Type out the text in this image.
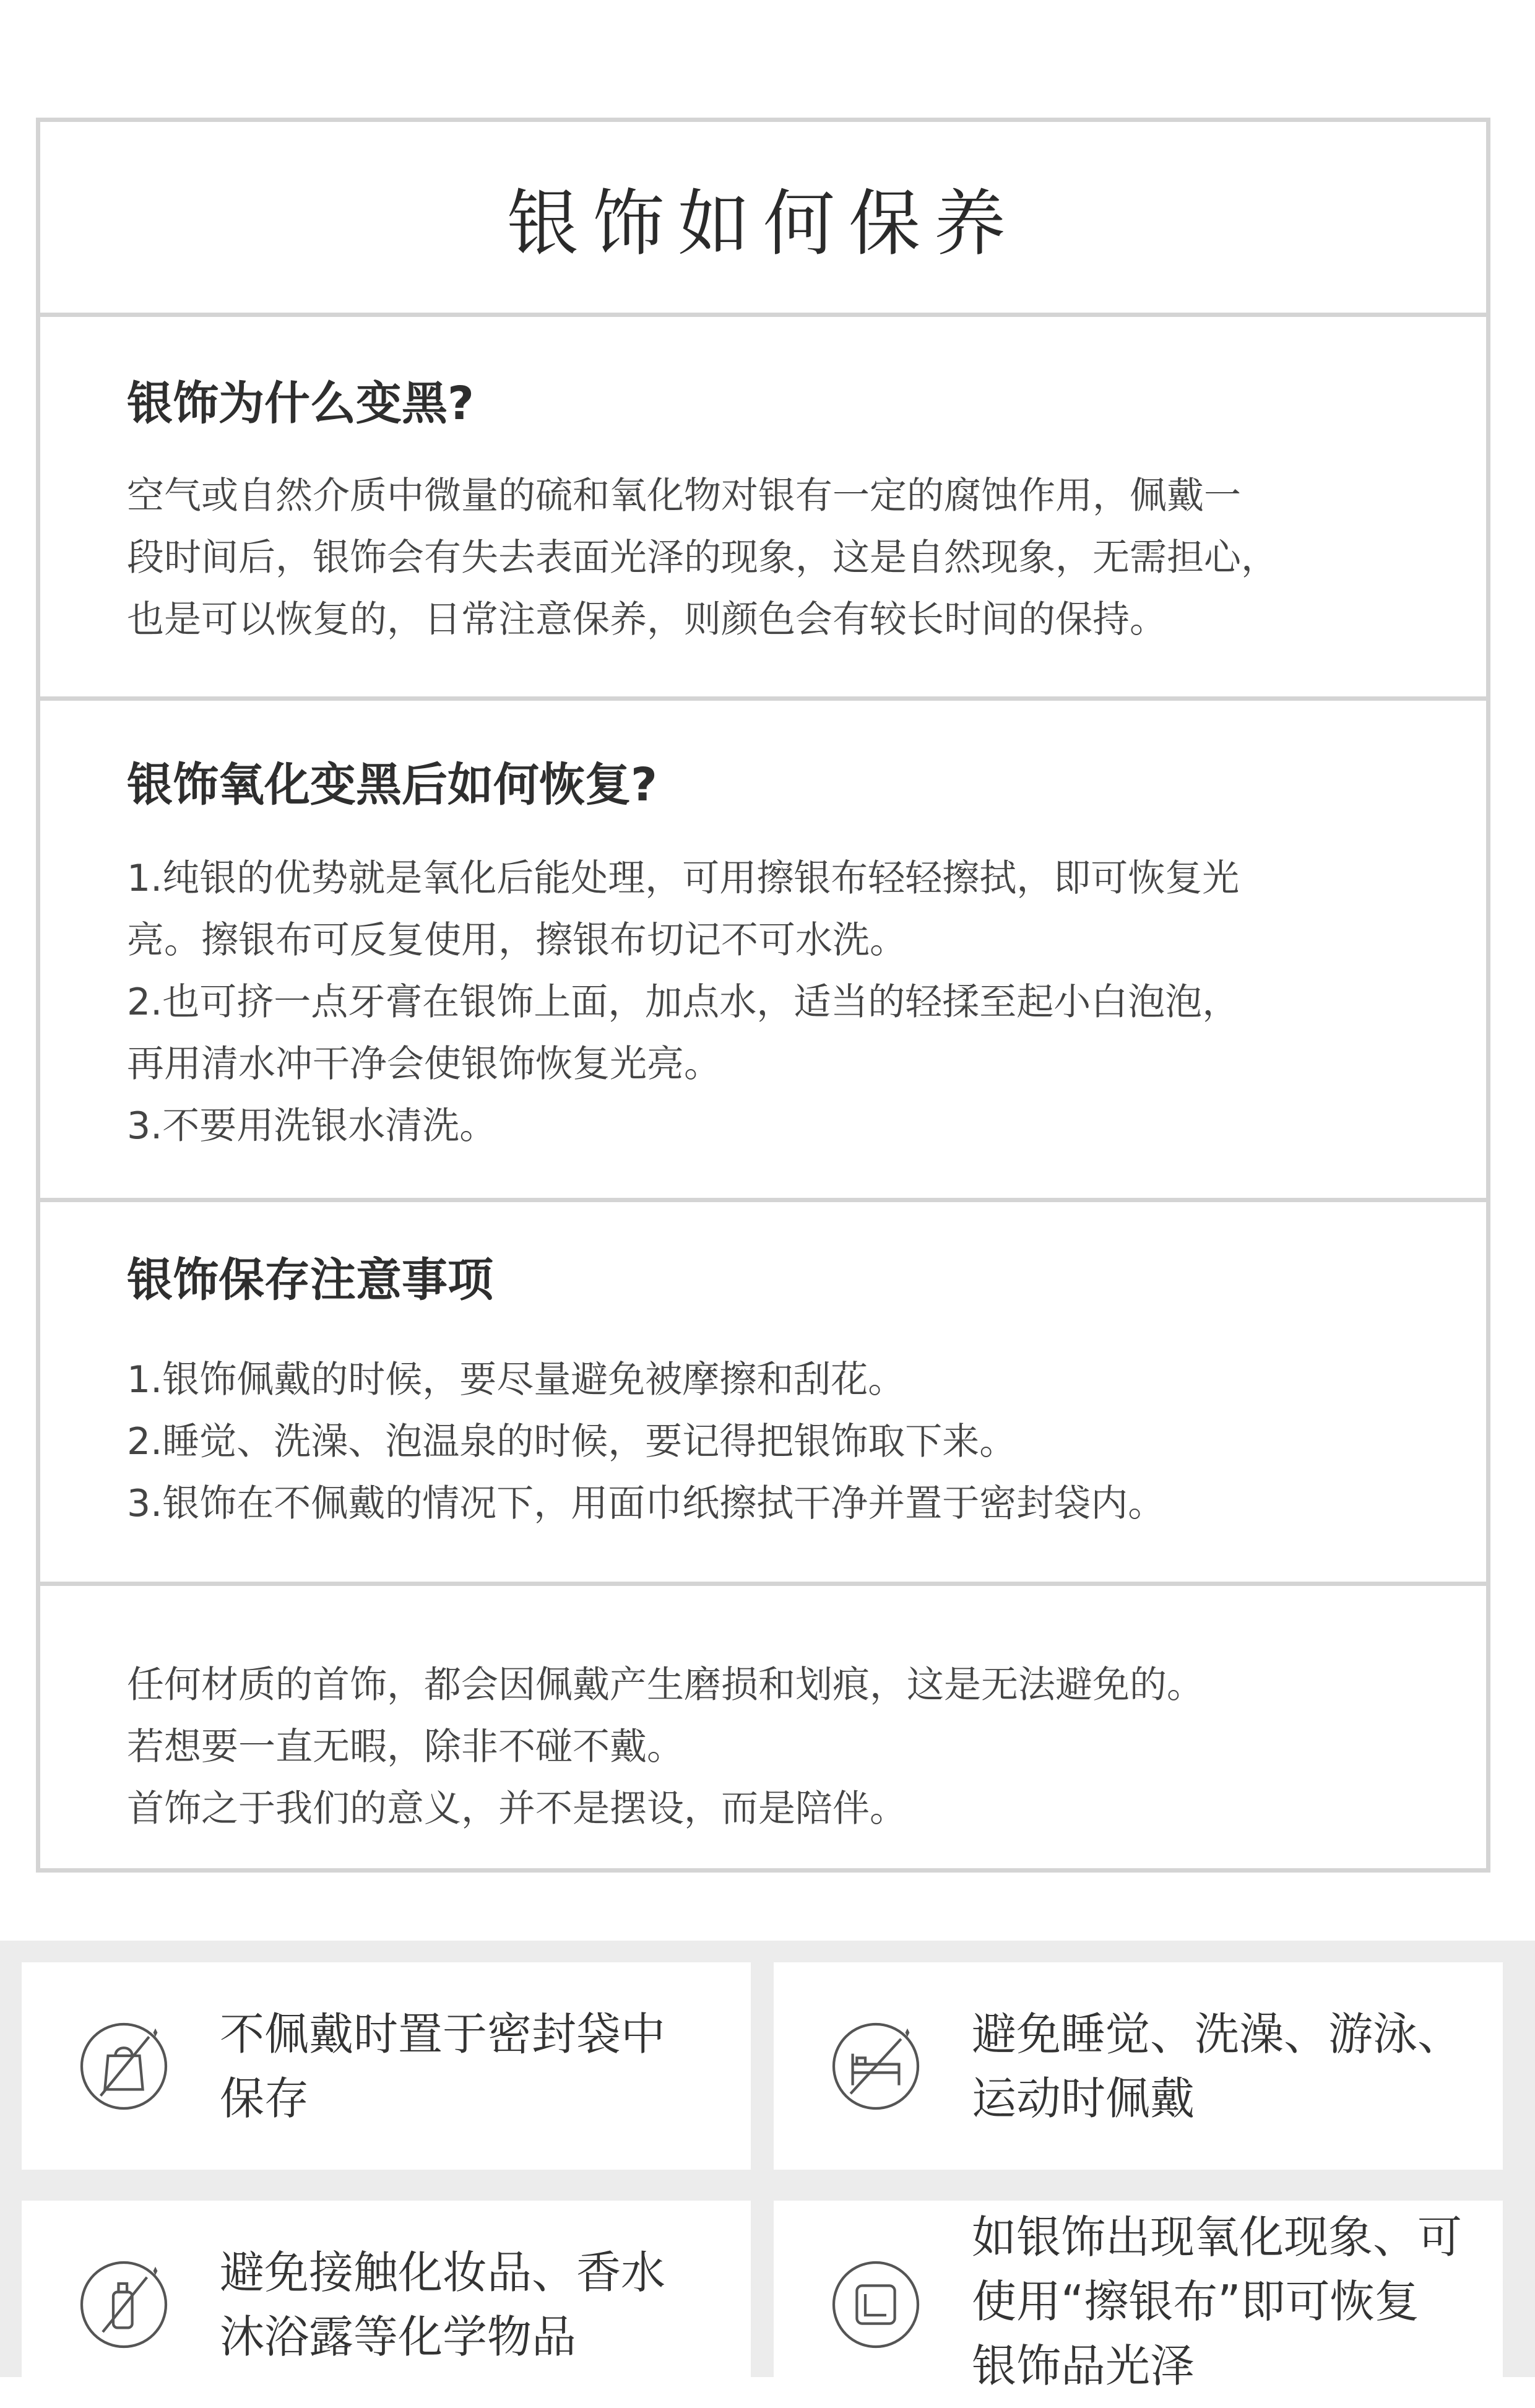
银饰如何保养
银饰为什么变黑?

空气或自然介质中微量的硫和氧化物对银有一定的腐蚀作用，佩戴一

段时间后，银饰会有失去表面光泽的现象，这是自然现象，无需担心，

也是可以恢复的，日常注意保养，则颜色会有较长时间的保持。

银饰氧化变黑后如何恢复?

1.纯银的优势就是氧化后能处理，可用擦银布轻轻擦拭，即可恢复光

亮。擦银布可反复使用，擦银布切记不可水洗。

2.也可挤一点牙膏在银饰上面，加点水，适当的轻揉至起小白泡泡，

再用清水冲干净会使银饰恢复光亮。

3.不要用洗银水清洗。

银饰保存注意事项

1.银饰佩戴的时候，要尽量避免被摩擦和刮花。

2.睡觉、洗澡、泡温泉的时候，要记得把银饰取下来。

3.银饰在不佩戴的情况下，用面巾纸擦拭干净并置于密封袋内。

任何材质的首饰，都会因佩戴产生磨损和划痕，这是无法避免的。

若想要一直无暇，除非不碰不戴。

首饰之于我们的意义，并不是摆设，而是陪伴。

不佩戴时置于密封袋中
保存
避免睡觉、洗澡、游泳、
运动时佩戴
避免接触化妆品、香水
沐浴露等化学物品
如银饰出现氧化现象、可
使用“擦银布”即可恢复
银饰品光泽
